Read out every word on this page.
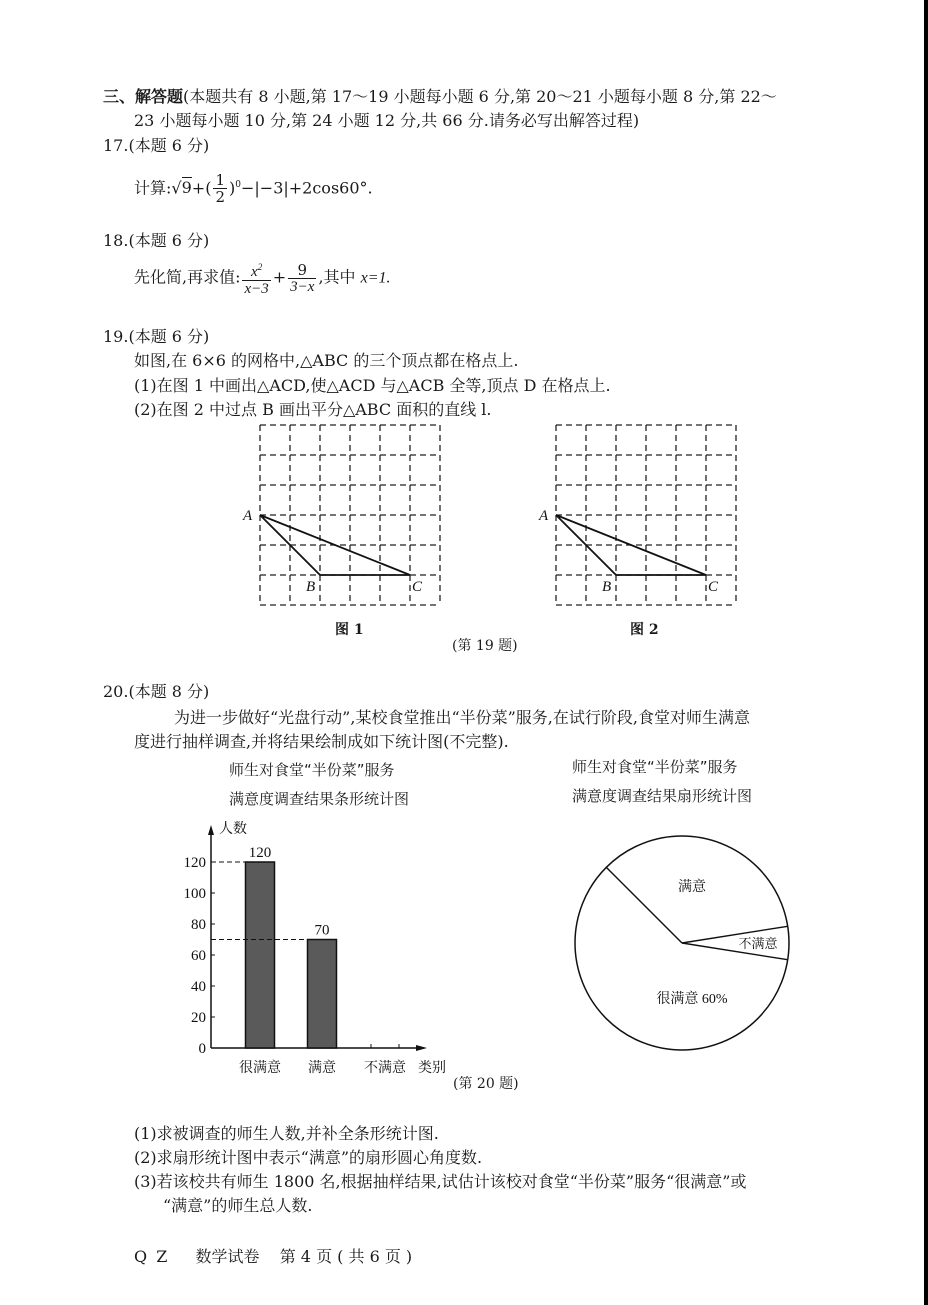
三、解答题(本题共有 8 小题,第 17～19 小题每小题 6 分,第 20～21 小题每小题 8 分,第 22～
23 小题每小题 10 分,第 24 小题 12 分,共 66 分.请务必写出解答过程)
17.(本题 6 分)
计算:√9+( $\frac{1}{2} )^0-|-3|+2\cos 60^\circ$.
18.(本题 6 分)
先化简,再求值: $\frac{x^2}{x-3} + \frac{9}{3-x}$ ,其中 x=1.
19.(本题 6 分)
如图,在 6×6 的网格中,△ABC 的三个顶点都在格点上.
(1)在图 1 中画出△ACD,使△ACD 与△ACB 全等,顶点 D 在格点上.
(2)在图 2 中过点 B 画出平分△ABC 面积的直线 l.
A
B	C
A
B	C
图 1	图 2
(第 19 题)
20.(本题 8 分)
为进一步做好“光盘行动”,某校食堂推出“半份菜”服务,在试行阶段,食堂对师生满意
度进行抽样调查,并将结果绘制成如下统计图(不完整).
师生对食堂“半份菜”服务
满意度调查结果条形统计图
师生对食堂“半份菜”服务
满意度调查结果扇形统计图
人数
0
20
40
60
80
100
120
120
很满意
70
满意 不满意 类别
很满意 60%
满意
不满意
(第 20 题)
(1)求被调查的师生人数,并补全条形统计图.
(2)求扇形统计图中表示“满意”的扇形圆心角度数.
(3)若该校共有师生 1800 名,根据抽样结果,试估计该校对食堂“半份菜”服务“很满意”或
“满意”的师生总人数.
Q Z 数学试卷 第 4 页 ( 共 6 页 )
